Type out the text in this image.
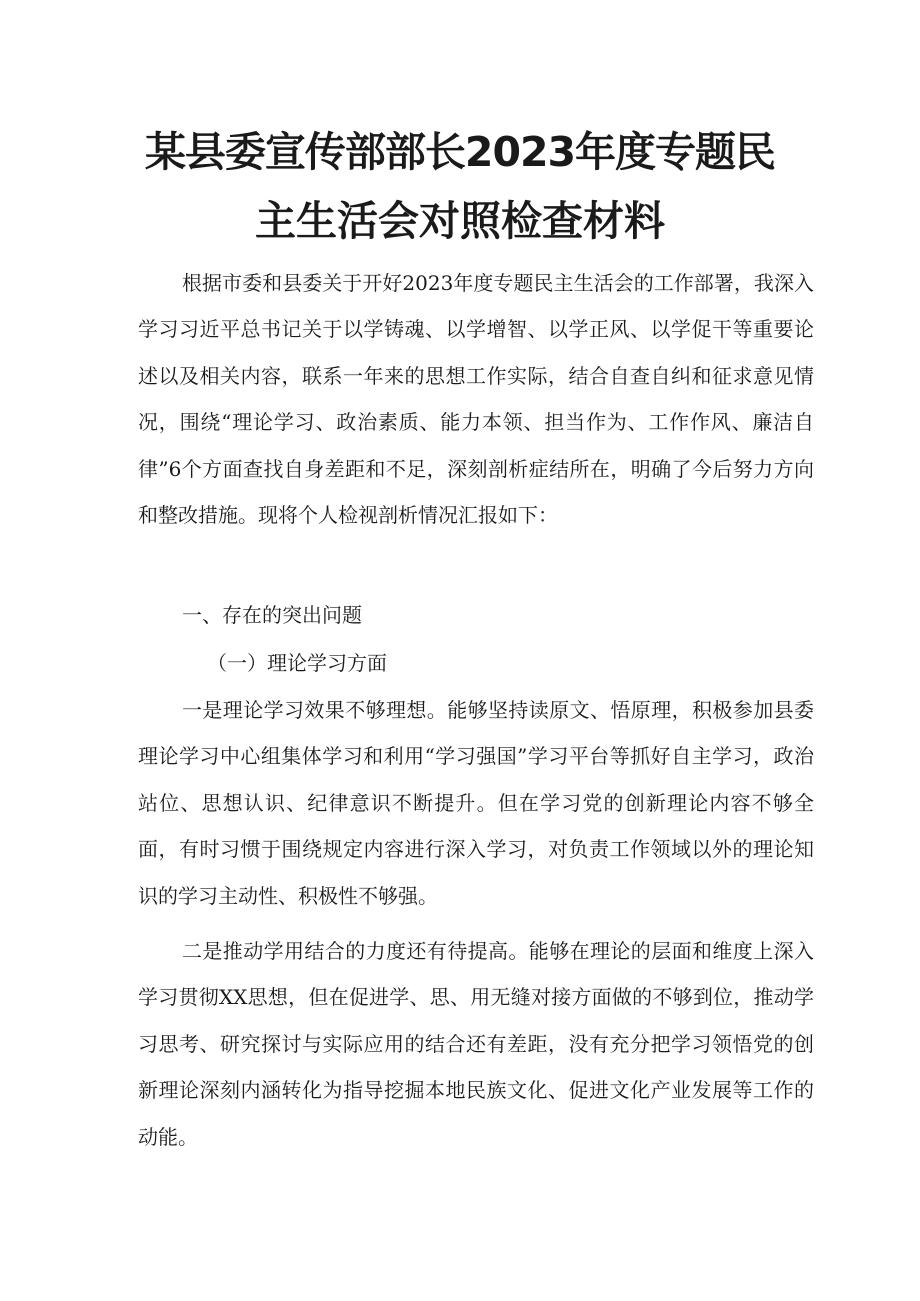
某县委宣传部部长2023年度专题民
主生活会对照检查材料

根据市委和县委关于开好2023年度专题民主生活会的工作部署，我深入学习习近平总书记关于以学铸魂、以学增智、以学正风、以学促干等重要论述以及相关内容，联系一年来的思想工作实际，结合自查自纠和征求意见情况，围绕“理论学习、政治素质、能力本领、担当作为、工作作风、廉洁自律”6个方面查找自身差距和不足，深刻剖析症结所在，明确了今后努力方向和整改措施。现将个人检视剖析情况汇报如下：

一、存在的突出问题

（一）理论学习方面

一是理论学习效果不够理想。能够坚持读原文、悟原理，积极参加县委理论学习中心组集体学习和利用“学习强国”学习平台等抓好自主学习，政治站位、思想认识、纪律意识不断提升。但在学习党的创新理论内容不够全面，有时习惯于围绕规定内容进行深入学习，对负责工作领域以外的理论知识的学习主动性、积极性不够强。

二是推动学用结合的力度还有待提高。能够在理论的层面和维度上深入学习贯彻XX思想，但在促进学、思、用无缝对接方面做的不够到位，推动学习思考、研究探讨与实际应用的结合还有差距，没有充分把学习领悟党的创新理论深刻内涵转化为指导挖掘本地民族文化、促进文化产业发展等工作的动能。
